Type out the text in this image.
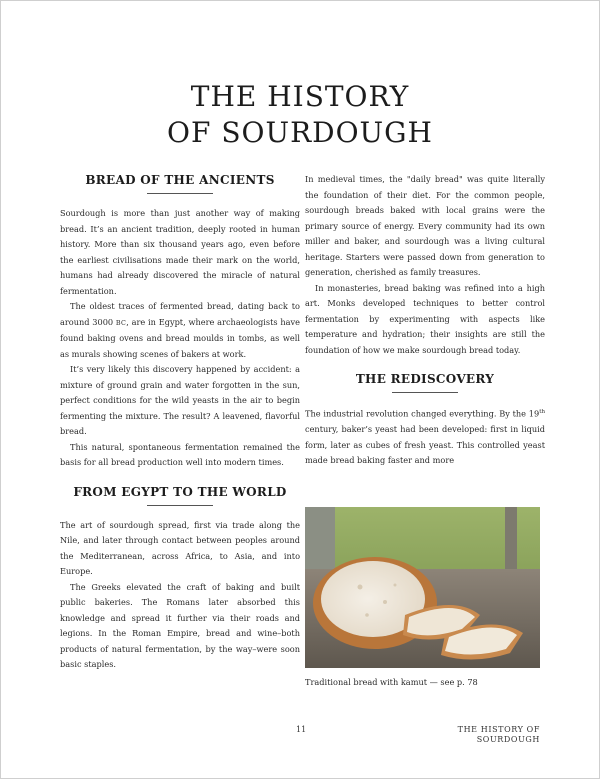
THE HISTORY
OF SOURDOUGH
BREAD OF THE ANCIENTS

Sourdough is more than just another way of making bread. It’s an ancient tradition, deeply rooted in human history. More than six thousand years ago, even before the earliest civilisations made their mark on the world, humans had already discovered the miracle of natural fermentation.

The oldest traces of fermented bread, dating back to around 3000 BC, are in Egypt, where archaeologists have found baking ovens and bread moulds in tombs, as well as murals showing scenes of bakers at work.

It’s very likely this discovery happened by accident: a mixture of ground grain and water forgotten in the sun, perfect conditions for the wild yeasts in the air to begin fermenting the mixture. The result? A leavened, flavorful bread.

This natural, spontaneous fermentation remained the basis for all bread production well into modern times.

FROM EGYPT TO THE WORLD

The art of sourdough spread, first via trade along the Nile, and later through contact between peoples around the Mediterranean, across Africa, to Asia, and into Europe.

The Greeks elevated the craft of baking and built public bakeries. The Romans later absorbed this knowledge and spread it further via their roads and legions. In the Roman Empire, bread and wine–both products of natural fermentation, by the way–were soon basic staples.

In medieval times, the "daily bread" was quite literally the foundation of their diet. For the common people, sourdough breads baked with local grains were the primary source of energy. Every community had its own miller and baker, and sourdough was a living cultural heritage. Starters were passed down from generation to generation, cherished as family treasures.

In monasteries, bread baking was refined into a high art. Monks developed techniques to better control fermentation by experimenting with aspects like temperature and hydration; their insights are still the foundation of how we make sourdough bread today.

THE REDISCOVERY

The industrial revolution changed everything. By the 19th century, baker’s yeast had been developed: first in liquid form, later as cubes of fresh yeast. This controlled yeast made bread baking faster and more

Traditional bread with kamut — see p. 78
11	THE HISTORY OF SOURDOUGH
